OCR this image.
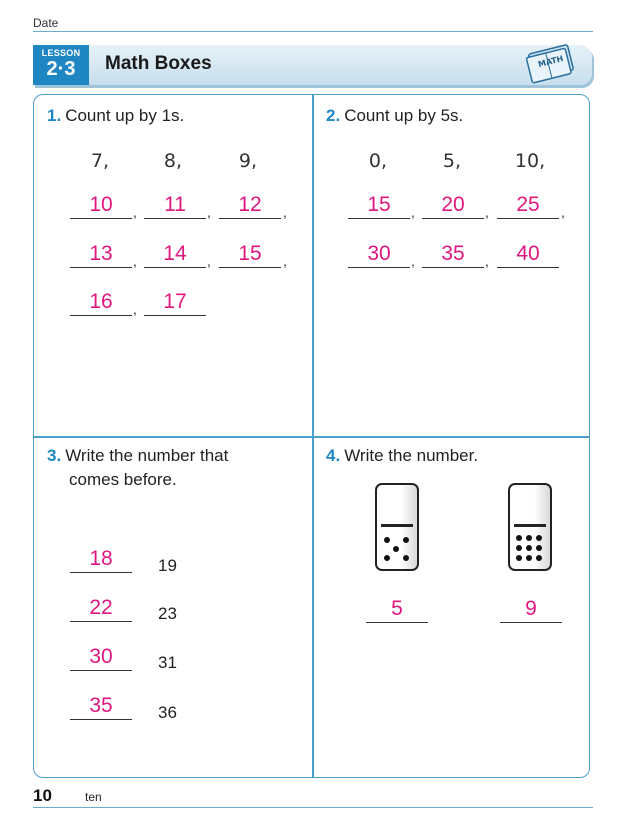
Date
LESSON
2·3	Math Boxes	MATH
1. Count up by 1s.
7,	8,	9,
10	,	11	,	12	,
13	,	14	,	15	,
16	,	17
2. Count up by 5s.
0,	5,	10,
15	,	20	,	25	,
30	,	35	,	40
3. Write the number that
comes before.
18	19
22	23
30	31
35	36
4. Write the number.
5	9
10	ten
